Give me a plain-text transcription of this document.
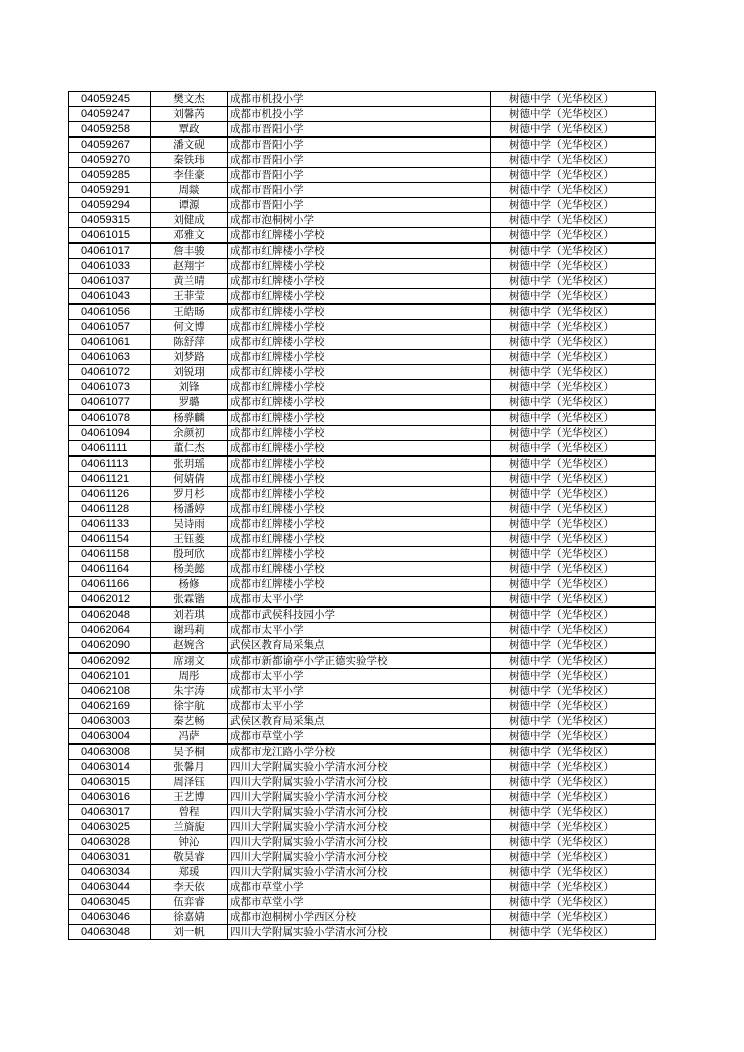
04059245	樊文杰	成都市机投小学	树德中学（光华校区）
04059247	刘馨芮	成都市机投小学	树德中学（光华校区）
04059258	覃政	成都市晋阳小学	树德中学（光华校区）
04059267	潘文砚	成都市晋阳小学	树德中学（光华校区）
04059270	秦铁玮	成都市晋阳小学	树德中学（光华校区）
04059285	李佳豪	成都市晋阳小学	树德中学（光华校区）
04059291	周燚	成都市晋阳小学	树德中学（光华校区）
04059294	谭源	成都市晋阳小学	树德中学（光华校区）
04059315	刘健成	成都市泡桐树小学	树德中学（光华校区）
04061015	邓雅文	成都市红牌楼小学校	树德中学（光华校区）
04061017	詹丰骏	成都市红牌楼小学校	树德中学（光华校区）
04061033	赵翔宇	成都市红牌楼小学校	树德中学（光华校区）
04061037	黄兰晴	成都市红牌楼小学校	树德中学（光华校区）
04061043	王菲莹	成都市红牌楼小学校	树德中学（光华校区）
04061056	王皓旸	成都市红牌楼小学校	树德中学（光华校区）
04061057	何文博	成都市红牌楼小学校	树德中学（光华校区）
04061061	陈舒萍	成都市红牌楼小学校	树德中学（光华校区）
04061063	刘梦路	成都市红牌楼小学校	树德中学（光华校区）
04061072	刘锐珝	成都市红牌楼小学校	树德中学（光华校区）
04061073	刘锋	成都市红牌楼小学校	树德中学（光华校区）
04061077	罗璐	成都市红牌楼小学校	树德中学（光华校区）
04061078	杨骅麟	成都市红牌楼小学校	树德中学（光华校区）
04061094	余颜初	成都市红牌楼小学校	树德中学（光华校区）
04061111	董仁杰	成都市红牌楼小学校	树德中学（光华校区）
04061113	张玥瑶	成都市红牌楼小学校	树德中学（光华校区）
04061121	何婧倩	成都市红牌楼小学校	树德中学（光华校区）
04061126	罗月杉	成都市红牌楼小学校	树德中学（光华校区）
04061128	杨潘婷	成都市红牌楼小学校	树德中学（光华校区）
04061133	吴诗雨	成都市红牌楼小学校	树德中学（光华校区）
04061154	王钰菱	成都市红牌楼小学校	树德中学（光华校区）
04061158	殷珂欣	成都市红牌楼小学校	树德中学（光华校区）
04061164	杨美懿	成都市红牌楼小学校	树德中学（光华校区）
04061166	杨修	成都市红牌楼小学校	树德中学（光华校区）
04062012	张霖锴	成都市太平小学	树德中学（光华校区）
04062048	刘若琪	成都市武侯科技园小学	树德中学（光华校区）
04062064	谢玛莉	成都市太平小学	树德中学（光华校区）
04062090	赵婉含	武侯区教育局采集点	树德中学（光华校区）
04062092	席翊文	成都市新都谕亭小学正德实验学校	树德中学（光华校区）
04062101	周彤	成都市太平小学	树德中学（光华校区）
04062108	朱宇涛	成都市太平小学	树德中学（光华校区）
04062169	徐宇航	成都市太平小学	树德中学（光华校区）
04063003	秦艺畅	武侯区教育局采集点	树德中学（光华校区）
04063004	冯萨	成都市草堂小学	树德中学（光华校区）
04063008	吴予桐	成都市龙江路小学分校	树德中学（光华校区）
04063014	张馨月	四川大学附属实验小学清水河分校	树德中学（光华校区）
04063015	周泽钰	四川大学附属实验小学清水河分校	树德中学（光华校区）
04063016	王艺博	四川大学附属实验小学清水河分校	树德中学（光华校区）
04063017	曾程	四川大学附属实验小学清水河分校	树德中学（光华校区）
04063025	兰旖旎	四川大学附属实验小学清水河分校	树德中学（光华校区）
04063028	钟沁	四川大学附属实验小学清水河分校	树德中学（光华校区）
04063031	敬昊睿	四川大学附属实验小学清水河分校	树德中学（光华校区）
04063034	郑瑗	四川大学附属实验小学清水河分校	树德中学（光华校区）
04063044	李天依	成都市草堂小学	树德中学（光华校区）
04063045	伍弈睿	成都市草堂小学	树德中学（光华校区）
04063046	徐嘉婧	成都市泡桐树小学西区分校	树德中学（光华校区）
04063048	刘一帆	四川大学附属实验小学清水河分校	树德中学（光华校区）
